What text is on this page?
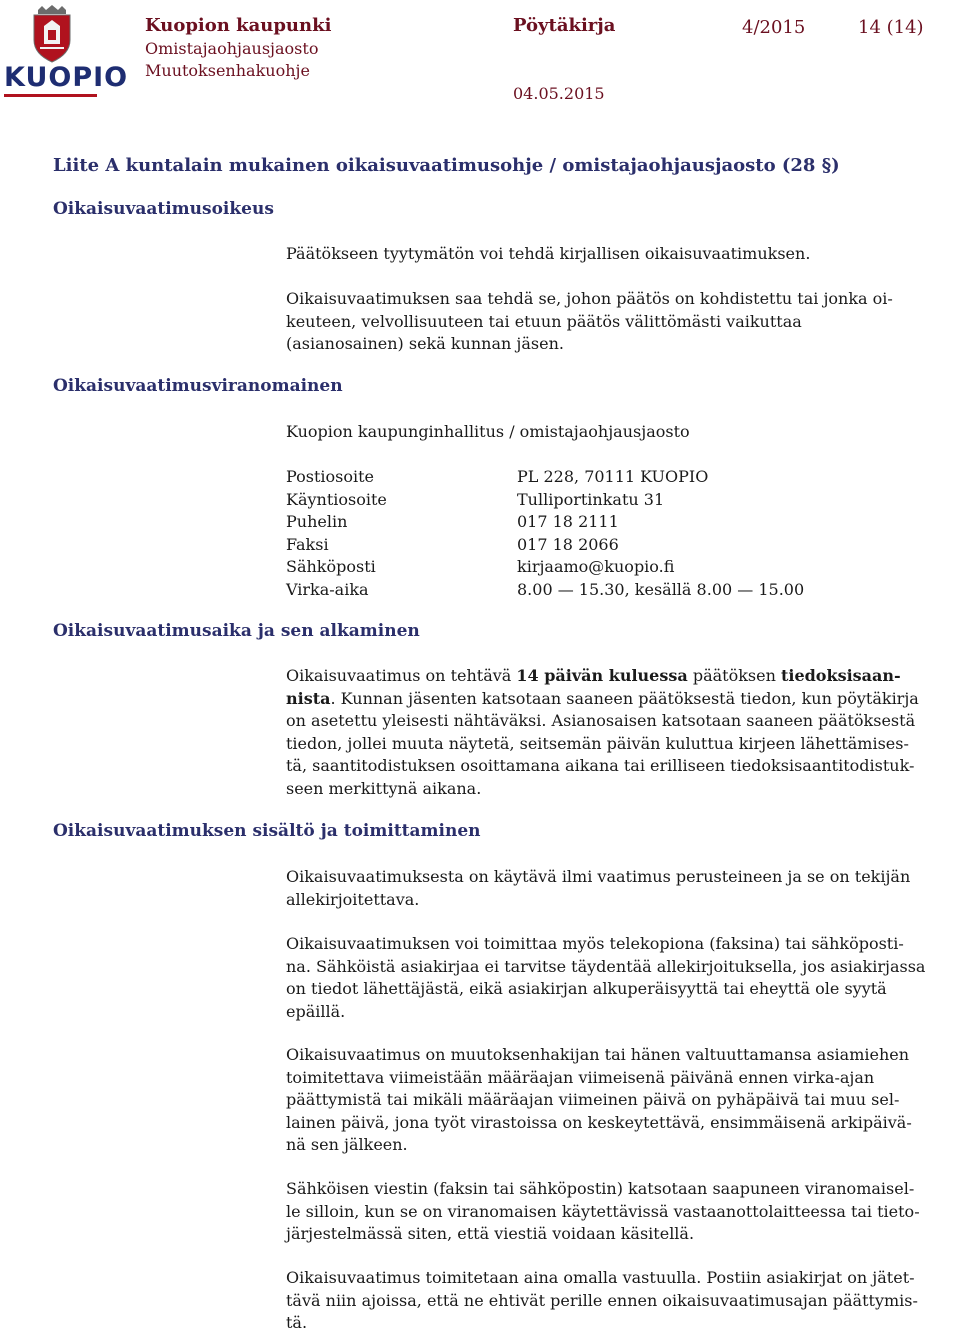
KUOPIO
Kuopion kaupunki
Omistajaohjausjaosto
Muutoksenhakuohje
Pöytäkirja	4/2015	14 (14)
04.05.2015
Liite A kuntalain mukainen oikaisuvaatimusohje / omistajaohjausjaosto (28 §)
Oikaisuvaatimusoikeus
Päätökseen tyytymätön voi tehdä kirjallisen oikaisuvaatimuksen.
Oikaisuvaatimuksen saa tehdä se, johon päätös on kohdistettu tai jonka oi-
keuteen, velvollisuuteen tai etuun päätös välittömästi vaikuttaa
(asianosainen) sekä kunnan jäsen.
Oikaisuvaatimusviranomainen
Kuopion kaupunginhallitus / omistajaohjausjaosto
Postiosoite	PL 228, 70111 KUOPIO
Käyntiosoite	Tulliportinkatu 31
Puhelin	017 18 2111
Faksi	017 18 2066
Sähköposti	kirjaamo@kuopio.fi
Virka-aika	8.00 — 15.30, kesällä 8.00 — 15.00
Oikaisuvaatimusaika ja sen alkaminen
Oikaisuvaatimus on tehtävä 14 päivän kuluessa päätöksen tiedoksisaan-
nista. Kunnan jäsenten katsotaan saaneen päätöksestä tiedon, kun pöytäkirja
on asetettu yleisesti nähtäväksi. Asianosaisen katsotaan saaneen päätöksestä
tiedon, jollei muuta näytetä, seitsemän päivän kuluttua kirjeen lähettämises-
tä, saantitodistuksen osoittamana aikana tai erilliseen tiedoksisaantitodistuk-
seen merkittynä aikana.
Oikaisuvaatimuksen sisältö ja toimittaminen
Oikaisuvaatimuksesta on käytävä ilmi vaatimus perusteineen ja se on tekijän
allekirjoitettava.
Oikaisuvaatimuksen voi toimittaa myös telekopiona (faksina) tai sähköposti-
na. Sähköistä asiakirjaa ei tarvitse täydentää allekirjoituksella, jos asiakirjassa
on tiedot lähettäjästä, eikä asiakirjan alkuperäisyyttä tai eheyttä ole syytä
epäillä.
Oikaisuvaatimus on muutoksenhakijan tai hänen valtuuttamansa asiamiehen
toimitettava viimeistään määräajan viimeisenä päivänä ennen virka-ajan
päättymistä tai mikäli määräajan viimeinen päivä on pyhäpäivä tai muu sel-
lainen päivä, jona työt virastoissa on keskeytettävä, ensimmäisenä arkipäivä-
nä sen jälkeen.
Sähköisen viestin (faksin tai sähköpostin) katsotaan saapuneen viranomaisel-
le silloin, kun se on viranomaisen käytettävissä vastaanottolaitteessa tai tieto-
järjestelmässä siten, että viestiä voidaan käsitellä.
Oikaisuvaatimus toimitetaan aina omalla vastuulla. Postiin asiakirjat on jätet-
tävä niin ajoissa, että ne ehtivät perille ennen oikaisuvaatimusajan päättymis-
tä.
